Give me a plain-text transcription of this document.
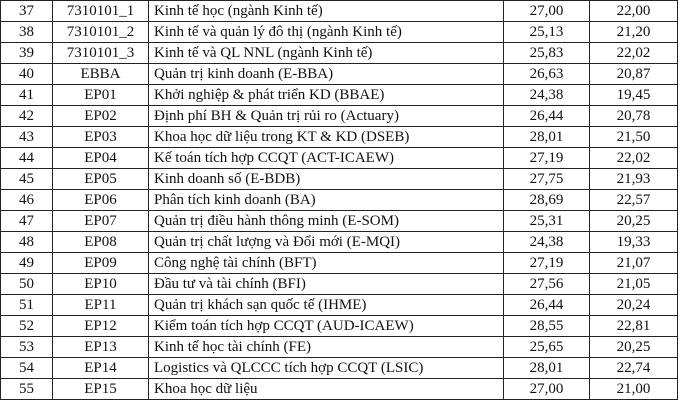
37	7310101_1	Kinh tế học (ngành Kinh tế)	27,00	22,00
38	7310101_2	Kinh tế và quản lý đô thị (ngành Kinh tế)	25,13	21,20
39	7310101_3	Kinh tế và QL NNL (ngành Kinh tế)	25,83	22,02
40	EBBA	Quản trị kinh doanh (E-BBA)	26,63	20,87
41	EP01	Khởi nghiệp & phát triển KD (BBAE)	24,38	19,45
42	EP02	Định phí BH & Quản trị rủi ro (Actuary)	26,44	20,78
43	EP03	Khoa học dữ liệu trong KT & KD (DSEB)	28,01	21,50
44	EP04	Kế toán tích hợp CCQT (ACT-ICAEW)	27,19	22,02
45	EP05	Kinh doanh số (E-BDB)	27,75	21,93
46	EP06	Phân tích kinh doanh (BA)	28,69	22,57
47	EP07	Quản trị điều hành thông minh (E-SOM)	25,31	20,25
48	EP08	Quản trị chất lượng và Đổi mới (E-MQI)	24,38	19,33
49	EP09	Công nghệ tài chính (BFT)	27,19	21,07
50	EP10	Đầu tư và tài chính (BFI)	27,56	21,05
51	EP11	Quản trị khách sạn quốc tế (IHME)	26,44	20,24
52	EP12	Kiểm toán tích hợp CCQT (AUD-ICAEW)	28,55	22,81
53	EP13	Kinh tế học tài chính (FE)	25,65	20,25
54	EP14	Logistics và QLCCC tích hợp CCQT (LSIC)	28,01	22,74
55	EP15	Khoa học dữ liệu	27,00	21,00
